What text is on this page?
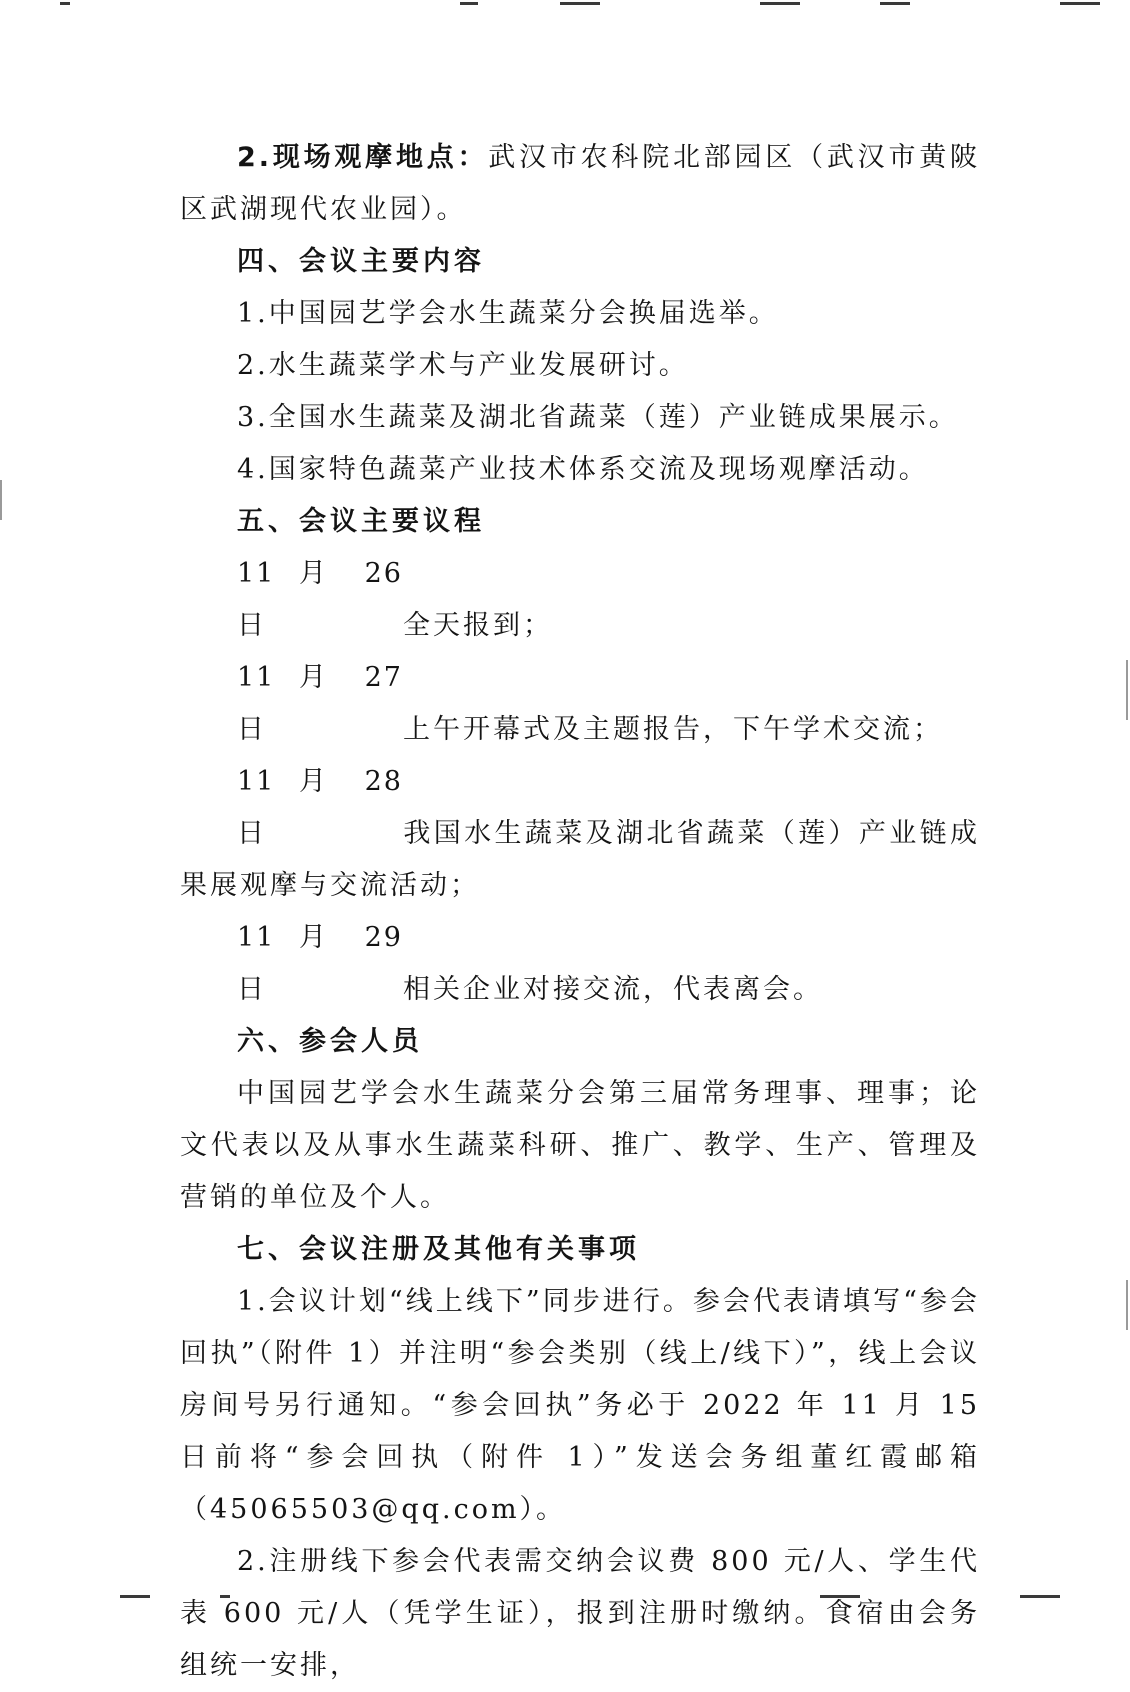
2.现场观摩地点：武汉市农科院北部园区（武汉市黄陂区武湖现代农业园）。

四、会议主要内容

1.中国园艺学会水生蔬菜分会换届选举。

2.水生蔬菜学术与产业发展研讨。

3.全国水生蔬菜及湖北省蔬菜（莲）产业链成果展示。

4.国家特色蔬菜产业技术体系交流及现场观摩活动。

五、会议主要议程

11 月 26 日	全天报到；

11 月 27 日	上午开幕式及主题报告，下午学术交流；

11 月 28 日	我国水生蔬菜及湖北省蔬菜（莲）产业链成果展观摩与交流活动；

11 月 29 日	相关企业对接交流，代表离会。

六、参会人员

中国园艺学会水生蔬菜分会第三届常务理事、理事；论文代表以及从事水生蔬菜科研、推广、教学、生产、管理及营销的单位及个人。

七、会议注册及其他有关事项

1.会议计划“线上线下”同步进行。参会代表请填写“参会回执”（附件 1）并注明“参会类别（线上/线下）”，线上会议房间号另行通知。“参会回执”务必于 2022 年 11 月 15 日前将“参会回执（附件 1）”发送会务组董红霞邮箱（45065503@qq.com）。

2.注册线下参会代表需交纳会议费 800 元/人、学生代表 600 元/人（凭学生证），报到注册时缴纳。食宿由会务组统一安排，
